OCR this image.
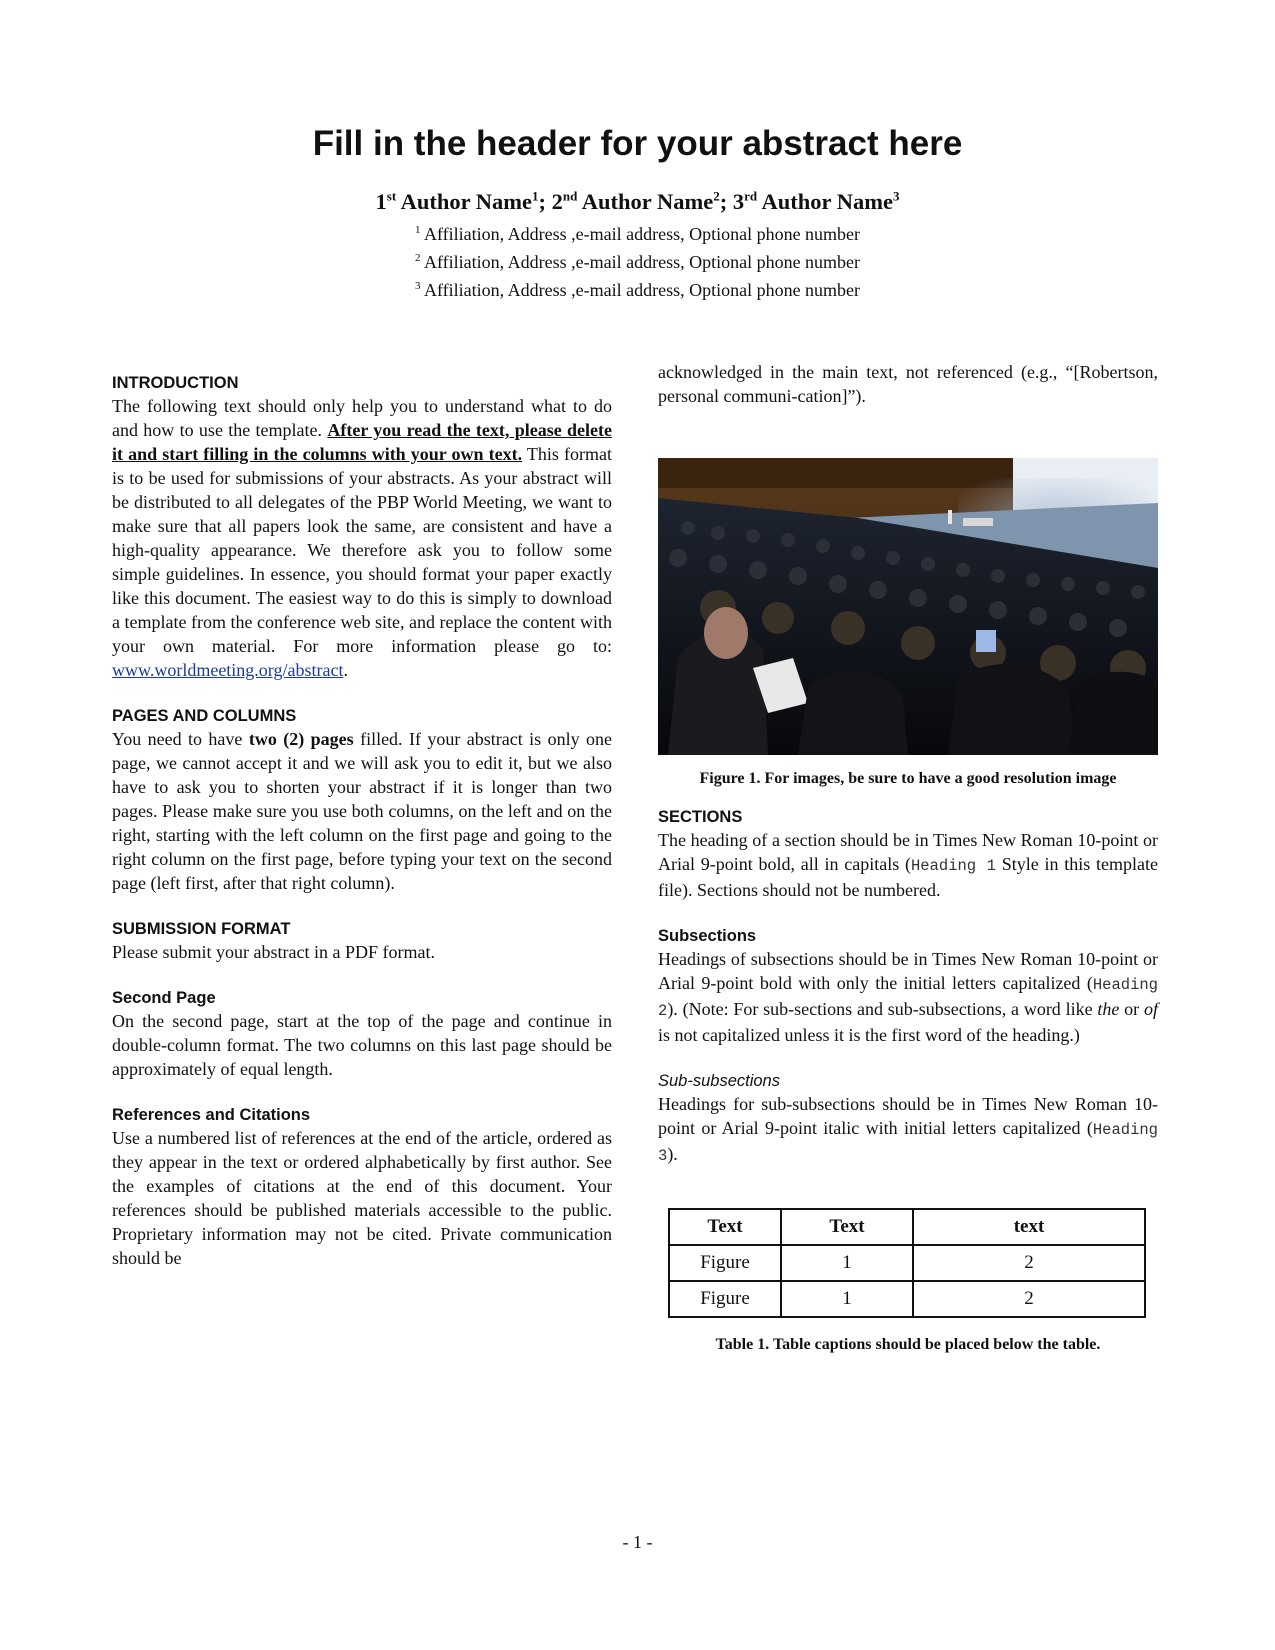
Fill in the header for your abstract here
1st Author Name$^1$; 2nd Author Name$^2$; 3rd Author Name$^3$
$^1$ Affiliation, Address ,e-mail address, Optional phone number
$^2$ Affiliation, Address ,e-mail address, Optional phone number
$^3$ Affiliation, Address ,e-mail address, Optional phone number
INTRODUCTION

The following text should only help you to understand what to do and how to use the template. After you read the text, please delete it and start filling in the columns with your own text. This format is to be used for submissions of your abstracts. As your abstract will be distributed to all delegates of the PBP World Meeting, we want to make sure that all papers look the same, are consistent and have a high-quality appearance. We therefore ask you to follow some simple guidelines. In essence, you should format your paper exactly like this document. The easiest way to do this is simply to download a template from the conference web site, and replace the content with your own material. For more information please go to: www.worldmeeting.org/abstract.

PAGES AND COLUMNS

You need to have two (2) pages filled. If your abstract is only one page, we cannot accept it and we will ask you to edit it, but we also have to ask you to shorten your abstract if it is longer than two pages. Please make sure you use both columns, on the left and on the right, starting with the left column on the first page and going to the right column on the first page, before typing your text on the second page (left first, after that right column).

SUBMISSION FORMAT

Please submit your abstract in a PDF format.

Second Page

On the second page, start at the top of the page and continue in double-column format. The two columns on this last page should be approximately of equal length.

References and Citations

Use a numbered list of references at the end of the article, ordered as they appear in the text or ordered alphabetically by first author. See the examples of citations at the end of this document. Your references should be published materials accessible to the public. Proprietary information may not be cited. Private communication should be

acknowledged in the main text, not referenced (e.g., “[Robertson, personal communi-cation]”).

Figure 1. For images, be sure to have a good resolution image
SECTIONS

The heading of a section should be in Times New Roman 10-point or Arial 9-point bold, all in capitals (Heading 1 Style in this template file). Sections should not be numbered.

Subsections

Headings of subsections should be in Times New Roman 10-point or Arial 9-point bold with only the initial letters capitalized (Heading 2). (Note: For sub-sections and sub-subsections, a word like the or of is not capitalized unless it is the first word of the heading.)

Sub-subsections

Headings for sub-subsections should be in Times New Roman 10-point or Arial 9-point italic with initial letters capitalized (Heading 3).

Text	Text	text
Figure	1	2
Figure	1	2
Table 1. Table captions should be placed below the table.
- 1 -
